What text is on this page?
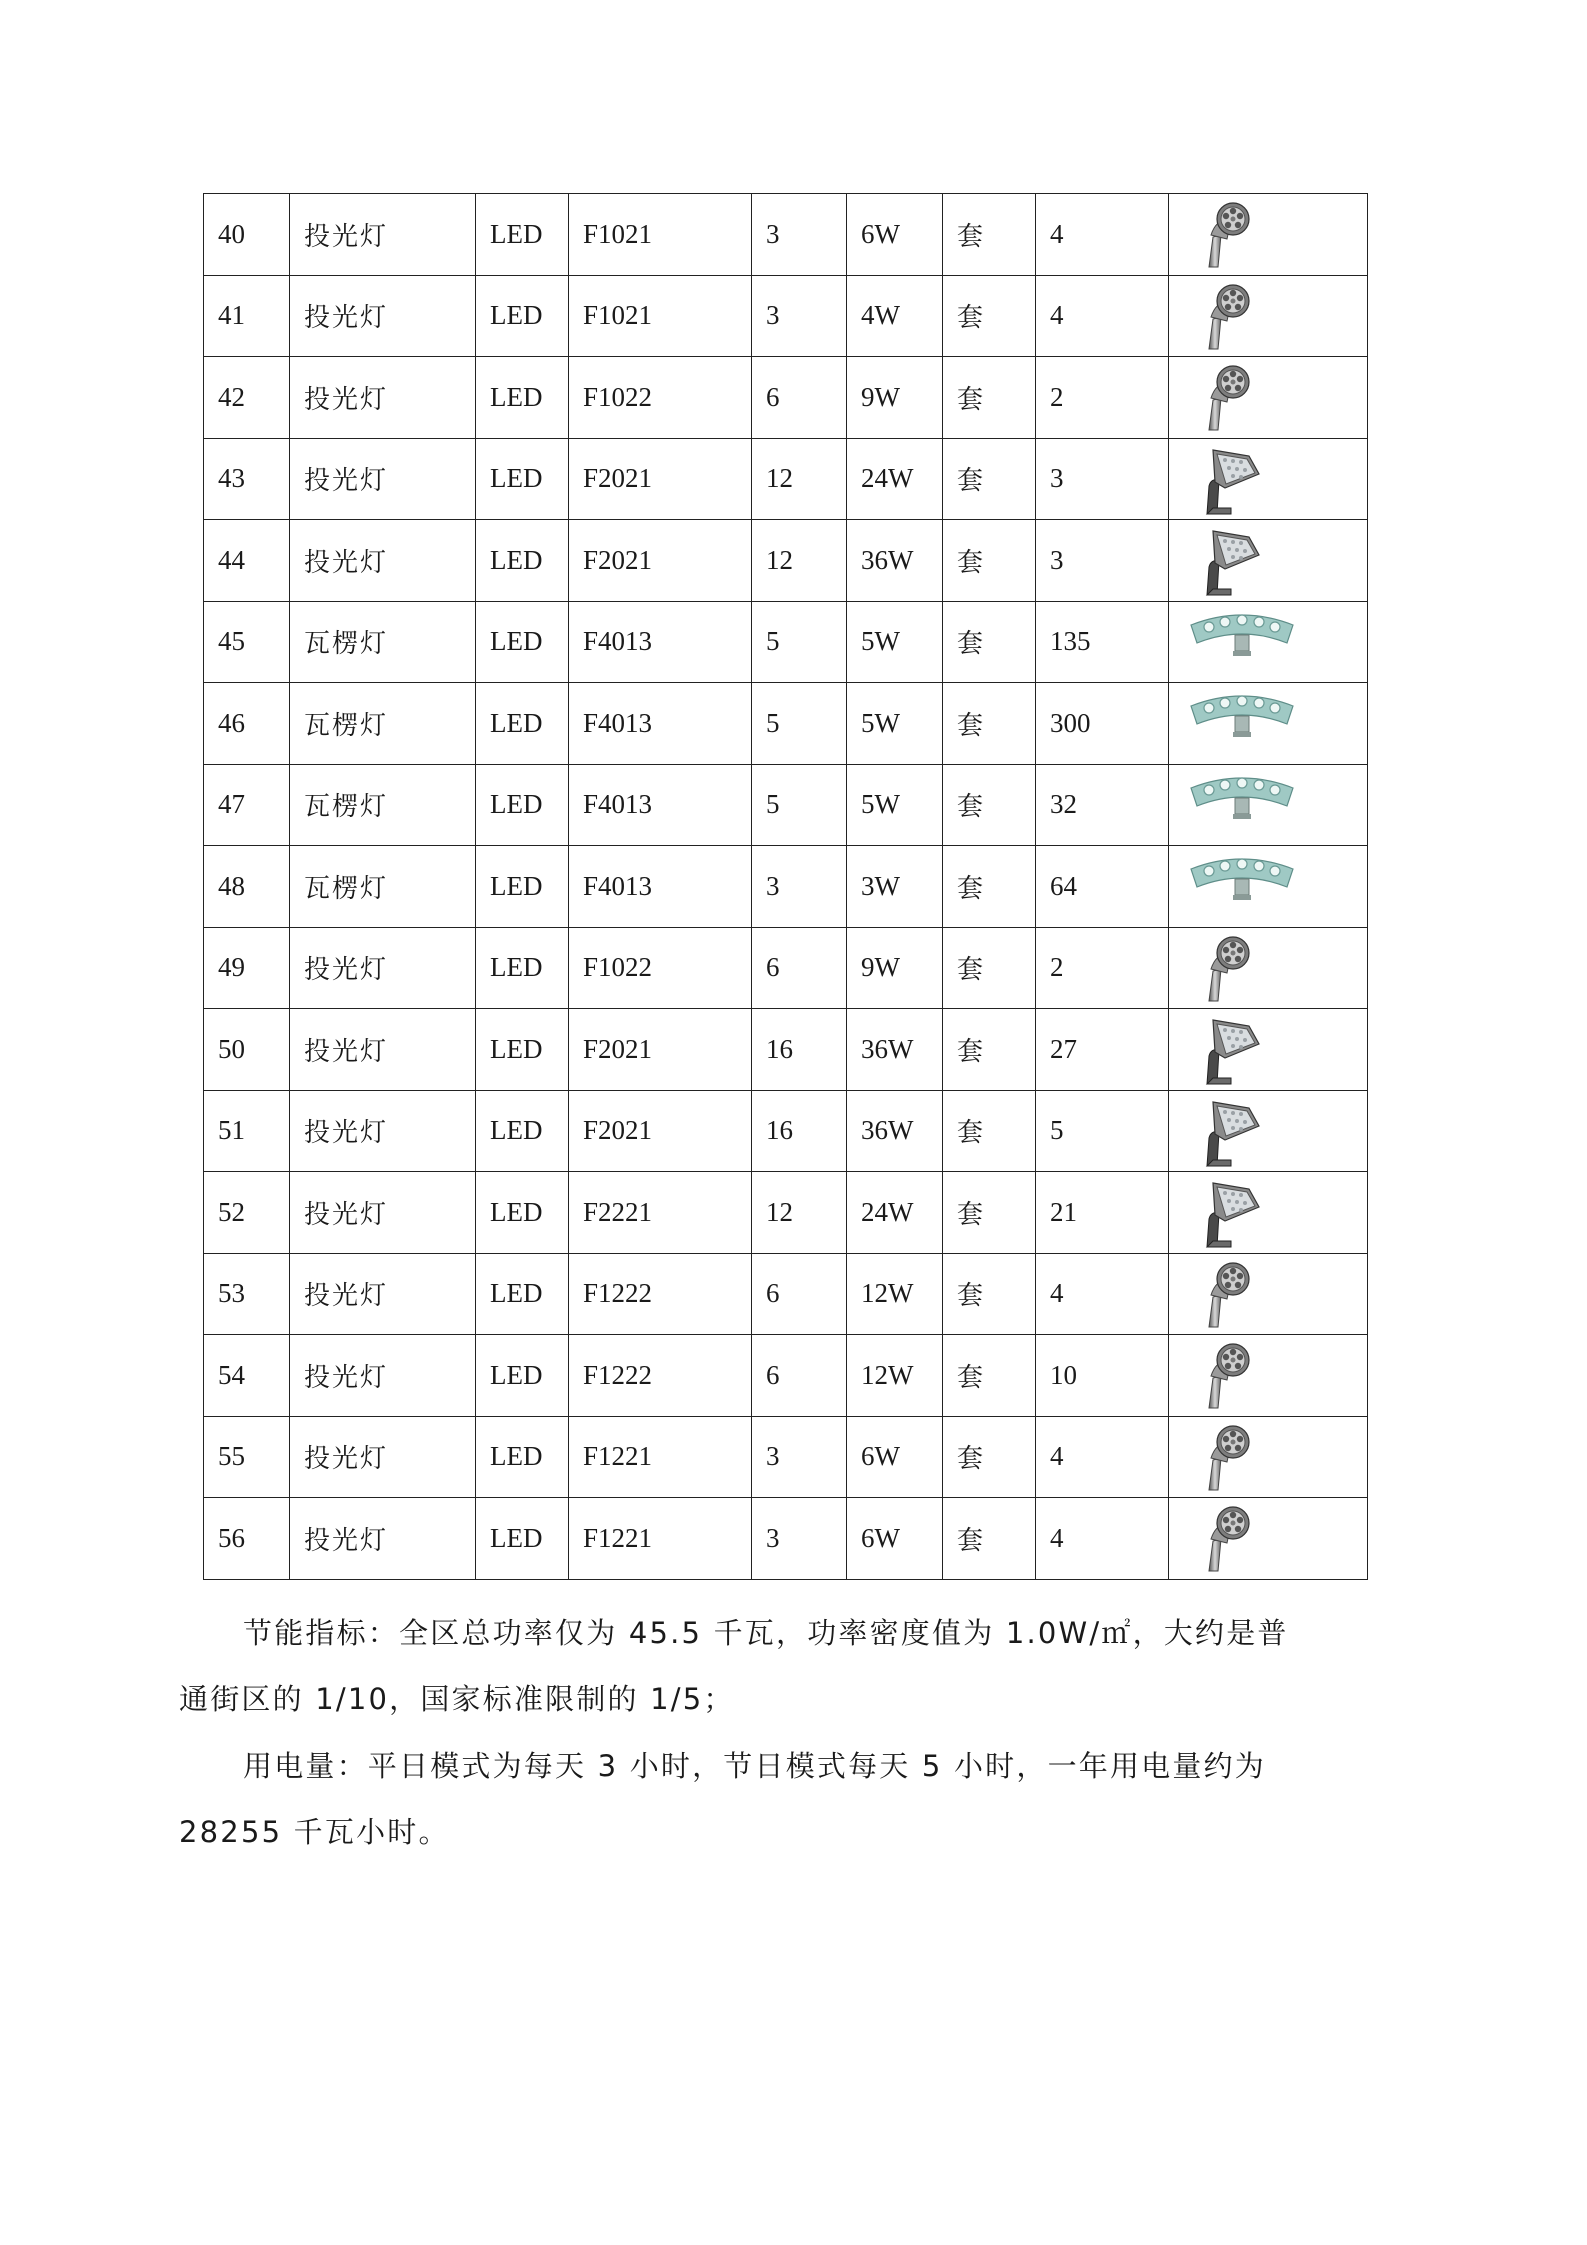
40	投光灯	LED	F1021	3	6W	套	4	

41	投光灯	LED	F1021	3	4W	套	4	

42	投光灯	LED	F1022	6	9W	套	2	

43	投光灯	LED	F2021	12	24W	套	3	

44	投光灯	LED	F2021	12	36W	套	3	

45	瓦楞灯	LED	F4013	5	5W	套	135	

46	瓦楞灯	LED	F4013	5	5W	套	300	

47	瓦楞灯	LED	F4013	5	5W	套	32	

48	瓦楞灯	LED	F4013	3	3W	套	64	

49	投光灯	LED	F1022	6	9W	套	2	

50	投光灯	LED	F2021	16	36W	套	27	

51	投光灯	LED	F2021	16	36W	套	5	

52	投光灯	LED	F2221	12	24W	套	21	

53	投光灯	LED	F1222	6	12W	套	4	

54	投光灯	LED	F1222	6	12W	套	10	

55	投光灯	LED	F1221	3	6W	套	4	

56	投光灯	LED	F1221	3	6W	套	4	

节能指标：全区总功率仅为 45.5 千瓦，功率密度值为 1.0W/㎡，大约是普
通街区的 1/10，国家标准限制的 1/5；

用电量：平日模式为每天 3 小时，节日模式每天 5 小时，一年用电量约为
28255 千瓦小时。
